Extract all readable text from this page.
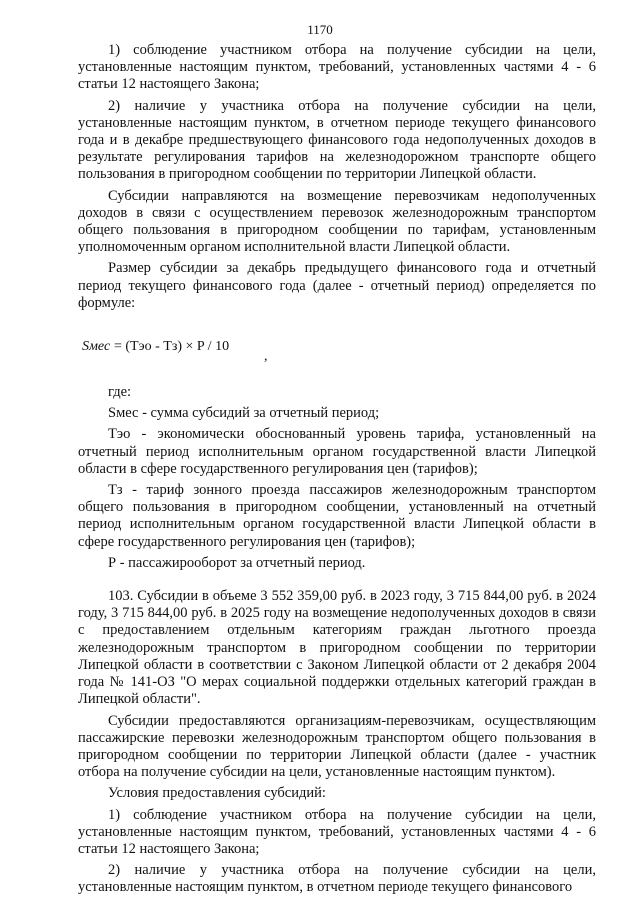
1170

1) соблюдение участником отбора на получение субсидии на цели, установленные настоящим пунктом, требований, установленных частями 4 - 6 статьи 12 настоящего Закона;

2) наличие у участника отбора на получение субсидии на цели, установленные настоящим пунктом, в отчетном периоде текущего финансового года и в декабре предшествующего финансового года недополученных доходов в результате регулирования тарифов на железнодорожном транспорте общего пользования в пригородном сообщении по территории Липецкой области.

Субсидии направляются на возмещение перевозчикам недополученных доходов в связи с осуществлением перевозок железнодорожным транспортом общего пользования в пригородном сообщении по тарифам, установленным уполномоченным органом исполнительной власти Липецкой области.

Размер субсидии за декабрь предыдущего финансового года и отчетный период текущего финансового года (далее - отчетный период) определяется по формуле:

Sмес = (Tэо - Tз) × P / 10
,

где:

Sмес - сумма субсидий за отчетный период;

Тэо - экономически обоснованный уровень тарифа, установленный на отчетный период исполнительным органом государственной власти Липецкой области в сфере государственного регулирования цен (тарифов);

Тз - тариф зонного проезда пассажиров железнодорожным транспортом общего пользования в пригородном сообщении, установленный на отчетный период исполнительным органом государственной власти Липецкой области в сфере государственного регулирования цен (тарифов);

Р - пассажирооборот за отчетный период.

103. Субсидии в объеме 3 552 359,00 руб. в 2023 году, 3 715 844,00 руб. в 2024 году, 3 715 844,00 руб. в 2025 году на возмещение недополученных доходов в связи с предоставлением отдельным категориям граждан льготного проезда железнодорожным транспортом в пригородном сообщении по территории Липецкой области в соответствии с Законом Липецкой области от 2 декабря 2004 года № 141-ОЗ "О мерах социальной поддержки отдельных категорий граждан в Липецкой области".

Субсидии предоставляются организациям-перевозчикам, осуществляющим пассажирские перевозки железнодорожным транспортом общего пользования в пригородном сообщении по территории Липецкой области (далее - участник отбора на получение субсидии на цели, установленные настоящим пунктом).

Условия предоставления субсидий:

1) соблюдение участником отбора на получение субсидии на цели, установленные настоящим пунктом, требований, установленных частями 4 - 6 статьи 12 настоящего Закона;

2) наличие у участника отбора на получение субсидии на цели, установленные настоящим пунктом, в отчетном периоде текущего финансового
